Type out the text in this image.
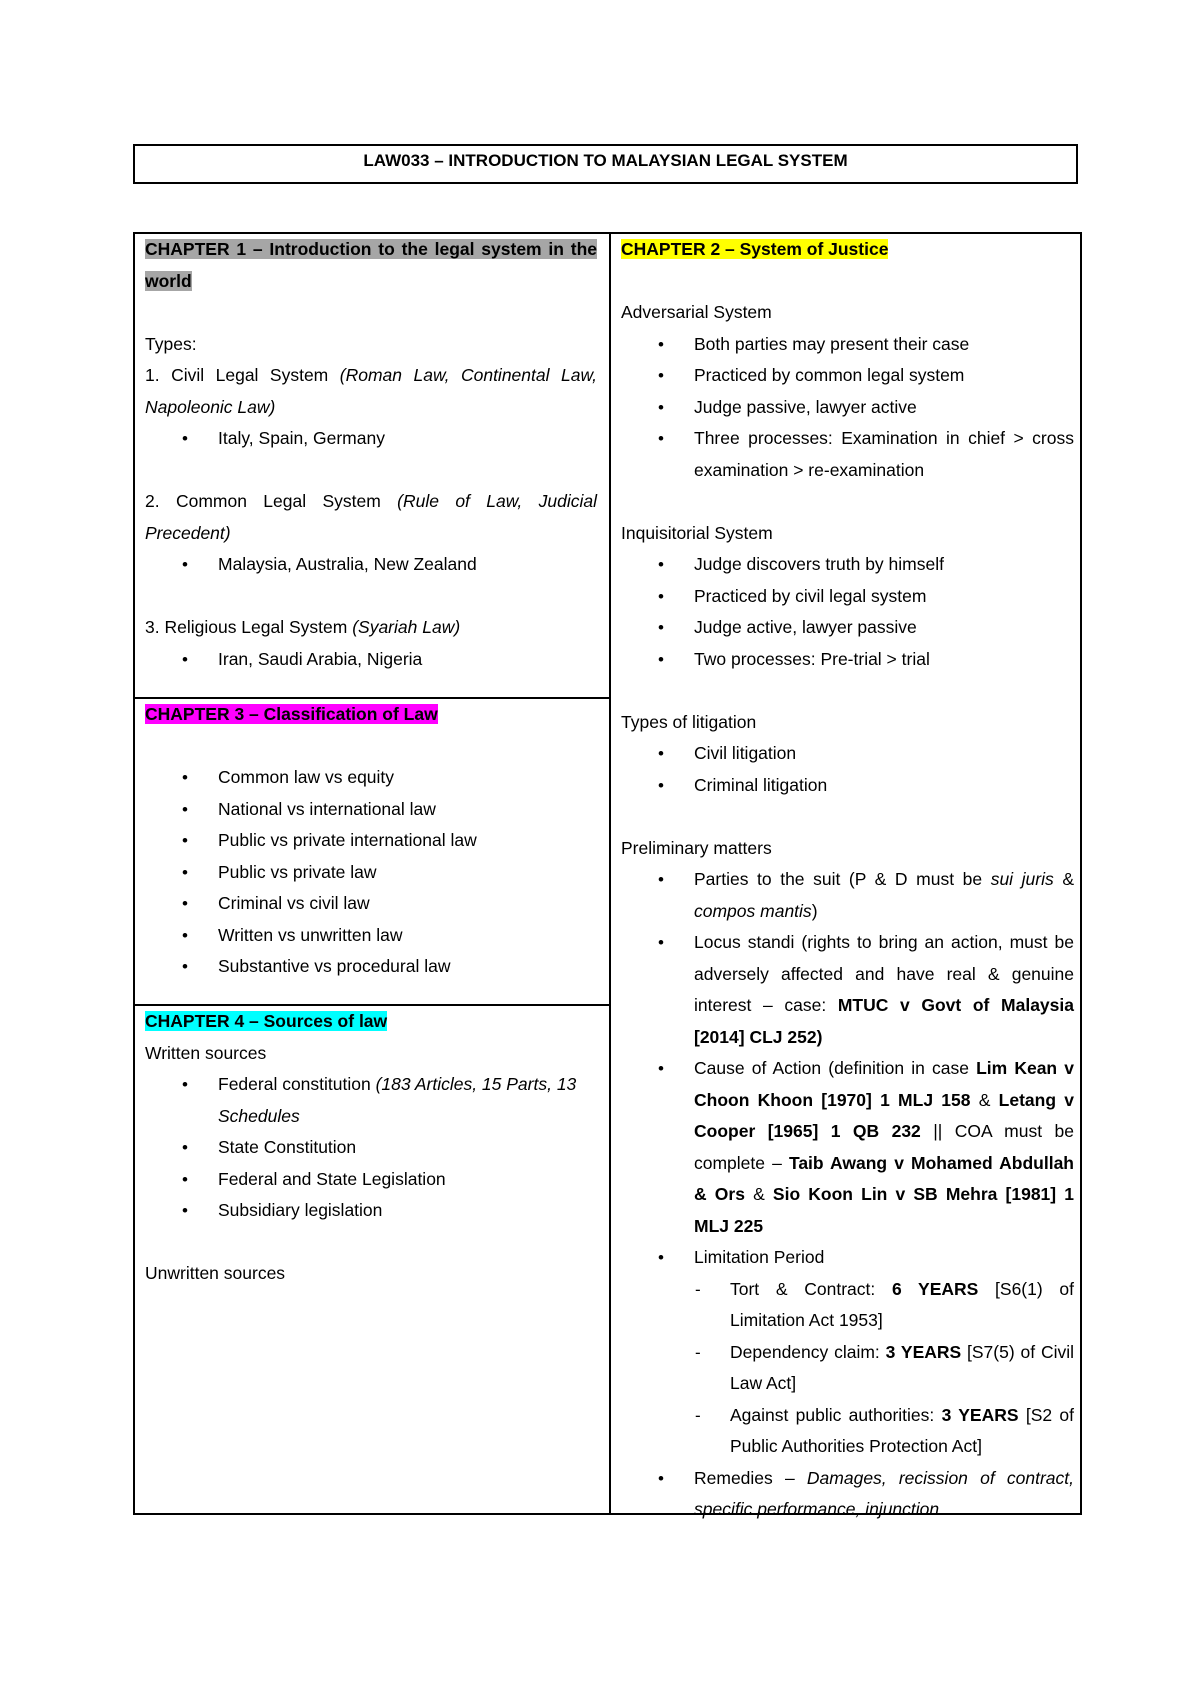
LAW033 – INTRODUCTION TO MALAYSIAN LEGAL SYSTEM

CHAPTER 1 – Introduction to the legal system in the world

Types:

1. Civil Legal System (Roman Law, Continental Law, Napoleonic Law)

• Italy, Spain, Germany

2. Common Legal System (Rule of Law, Judicial Precedent)

• Malaysia, Australia, New Zealand

3. Religious Legal System (Syariah Law)

• Iran, Saudi Arabia, Nigeria

CHAPTER 3 – Classification of Law

• Common law vs equity
• National vs international law
• Public vs private international law
• Public vs private law
• Criminal vs civil law
• Written vs unwritten law
• Substantive vs procedural law

CHAPTER 4 – Sources of law

Written sources

• Federal constitution (183 Articles, 15 Parts, 13 Schedules
• State Constitution
• Federal and State Legislation
• Subsidiary legislation

Unwritten sources

CHAPTER 2 – System of Justice

Adversarial System

• Both parties may present their case
• Practiced by common legal system
• Judge passive, lawyer active
• Three processes: Examination in chief > cross examination > re-examination

Inquisitorial System

• Judge discovers truth by himself
• Practiced by civil legal system
• Judge active, lawyer passive
• Two processes: Pre-trial > trial

Types of litigation

• Civil litigation
• Criminal litigation

Preliminary matters

• Parties to the suit (P & D must be sui juris & compos mantis)
• Locus standi (rights to bring an action, must be adversely affected and have real & genuine interest – case: MTUC v Govt of Malaysia [2014] CLJ 252)
• Cause of Action (definition in case Lim Kean v Choon Khoon [1970] 1 MLJ 158 & Letang v Cooper [1965] 1 QB 232 || COA must be complete – Taib Awang v Mohamed Abdullah & Ors & Sio Koon Lin v SB Mehra [1981] 1 MLJ 225
• Limitation Period
- Tort & Contract: 6 YEARS [S6(1) of Limitation Act 1953]
- Dependency claim: 3 YEARS [S7(5) of Civil Law Act]
- Against public authorities: 3 YEARS [S2 of Public Authorities Protection Act]
• Remedies – Damages, recission of contract, specific performance, injunction
